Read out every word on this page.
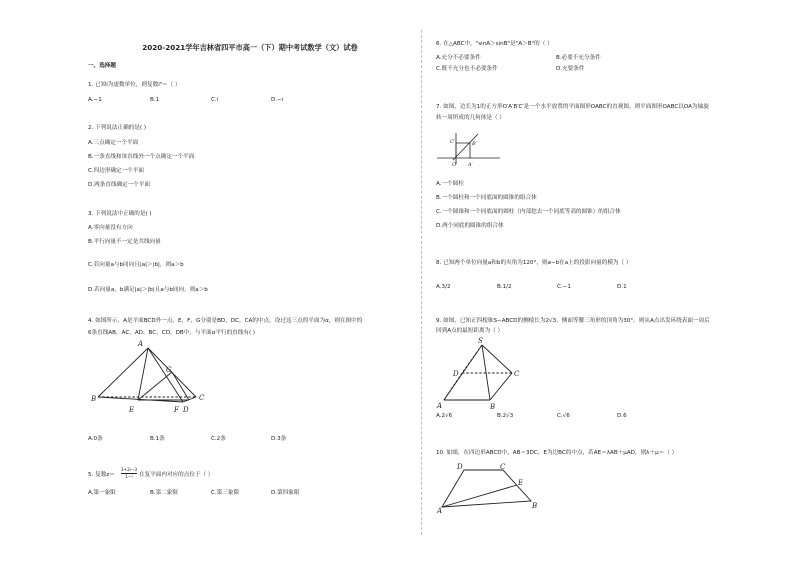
2020-2021学年吉林省四平市高一（下）期中考试数学（文）试卷
一、选择题
1. 已知i为虚数单位，则复数i³＝（ ）
A.−1	B.1	C.i	D.−i
2. 下列说法正确的是( )
A.三点确定一个平面
B.一条直线和该直线外一个点确定一个平面
C.四边形确定一个平面
D.两条直线确定一个平面
3. 下列说法中正确的是( )
A.零向量没有方向
B.平行向量不一定是共线向量
C.若向量a与b同向且|a|＞|b|，则a＞b
D.若向量a，b满足|a|＞|b|且a与b同向，则a＞b
4. 如图所示，A是平面BCD外一点，E，F，G分别是BD，DC，CA的中点，设过这三点的平面为α，则在图中的
6条直线AB，AC，AD，BC，CD，DB中，与平面α平行的直线有( )
A
B	C
D
E	F
G
A.0条	B.1条	C.2条	D.3条
5. 复数z＝
3+2i−3
1−i	在复平面内对应的点位于（ ）
A.第一象限	B.第二象限	C.第三象限	D.第四象限
6. 在△ABC中，"sinA＞sinB"是"A＞B"的（ ）
A.充分不必要条件	B.必要不充分条件
C.既不充分也不必要条件	D.充要条件
7. 如图，边长为1的正方形O′A′B′C′是一个水平放置的平面图形OABC的直观图，则平面图形OABC以OA为轴旋
转一周所成的几何体是（ ）
C′	B′
O′ A′
A.一个圆柱
B.一个圆柱和一个同底面的圆锥的组合体
C.一个圆锥和一个同底面的圆柱（内部挖去一个同底等高的圆锥）的组合体
D.两个同底的圆锥的组合体
8. 已知两个单位向量a和b的夹角为120°，则a−b在a上的投影向量的模为（ ）
A.3/2	B.1/2	C.−1	D.1
9. 如图，已知正四棱锥S−ABCD的侧棱长为2√3，侧面等腰三角形的顶角为30°，则从A点出发环绕表面一周后
回到A点的最短距离为（ ）
S
A	B
C
D
A.2√6	B.2√3	C.√6	D.6
10. 如图，在四边形ABCD中，AB＝3DC，E为边BC的中点，若AE＝λAB＋μAD，则λ＋μ＝（ ）
A
B
D	C
E
